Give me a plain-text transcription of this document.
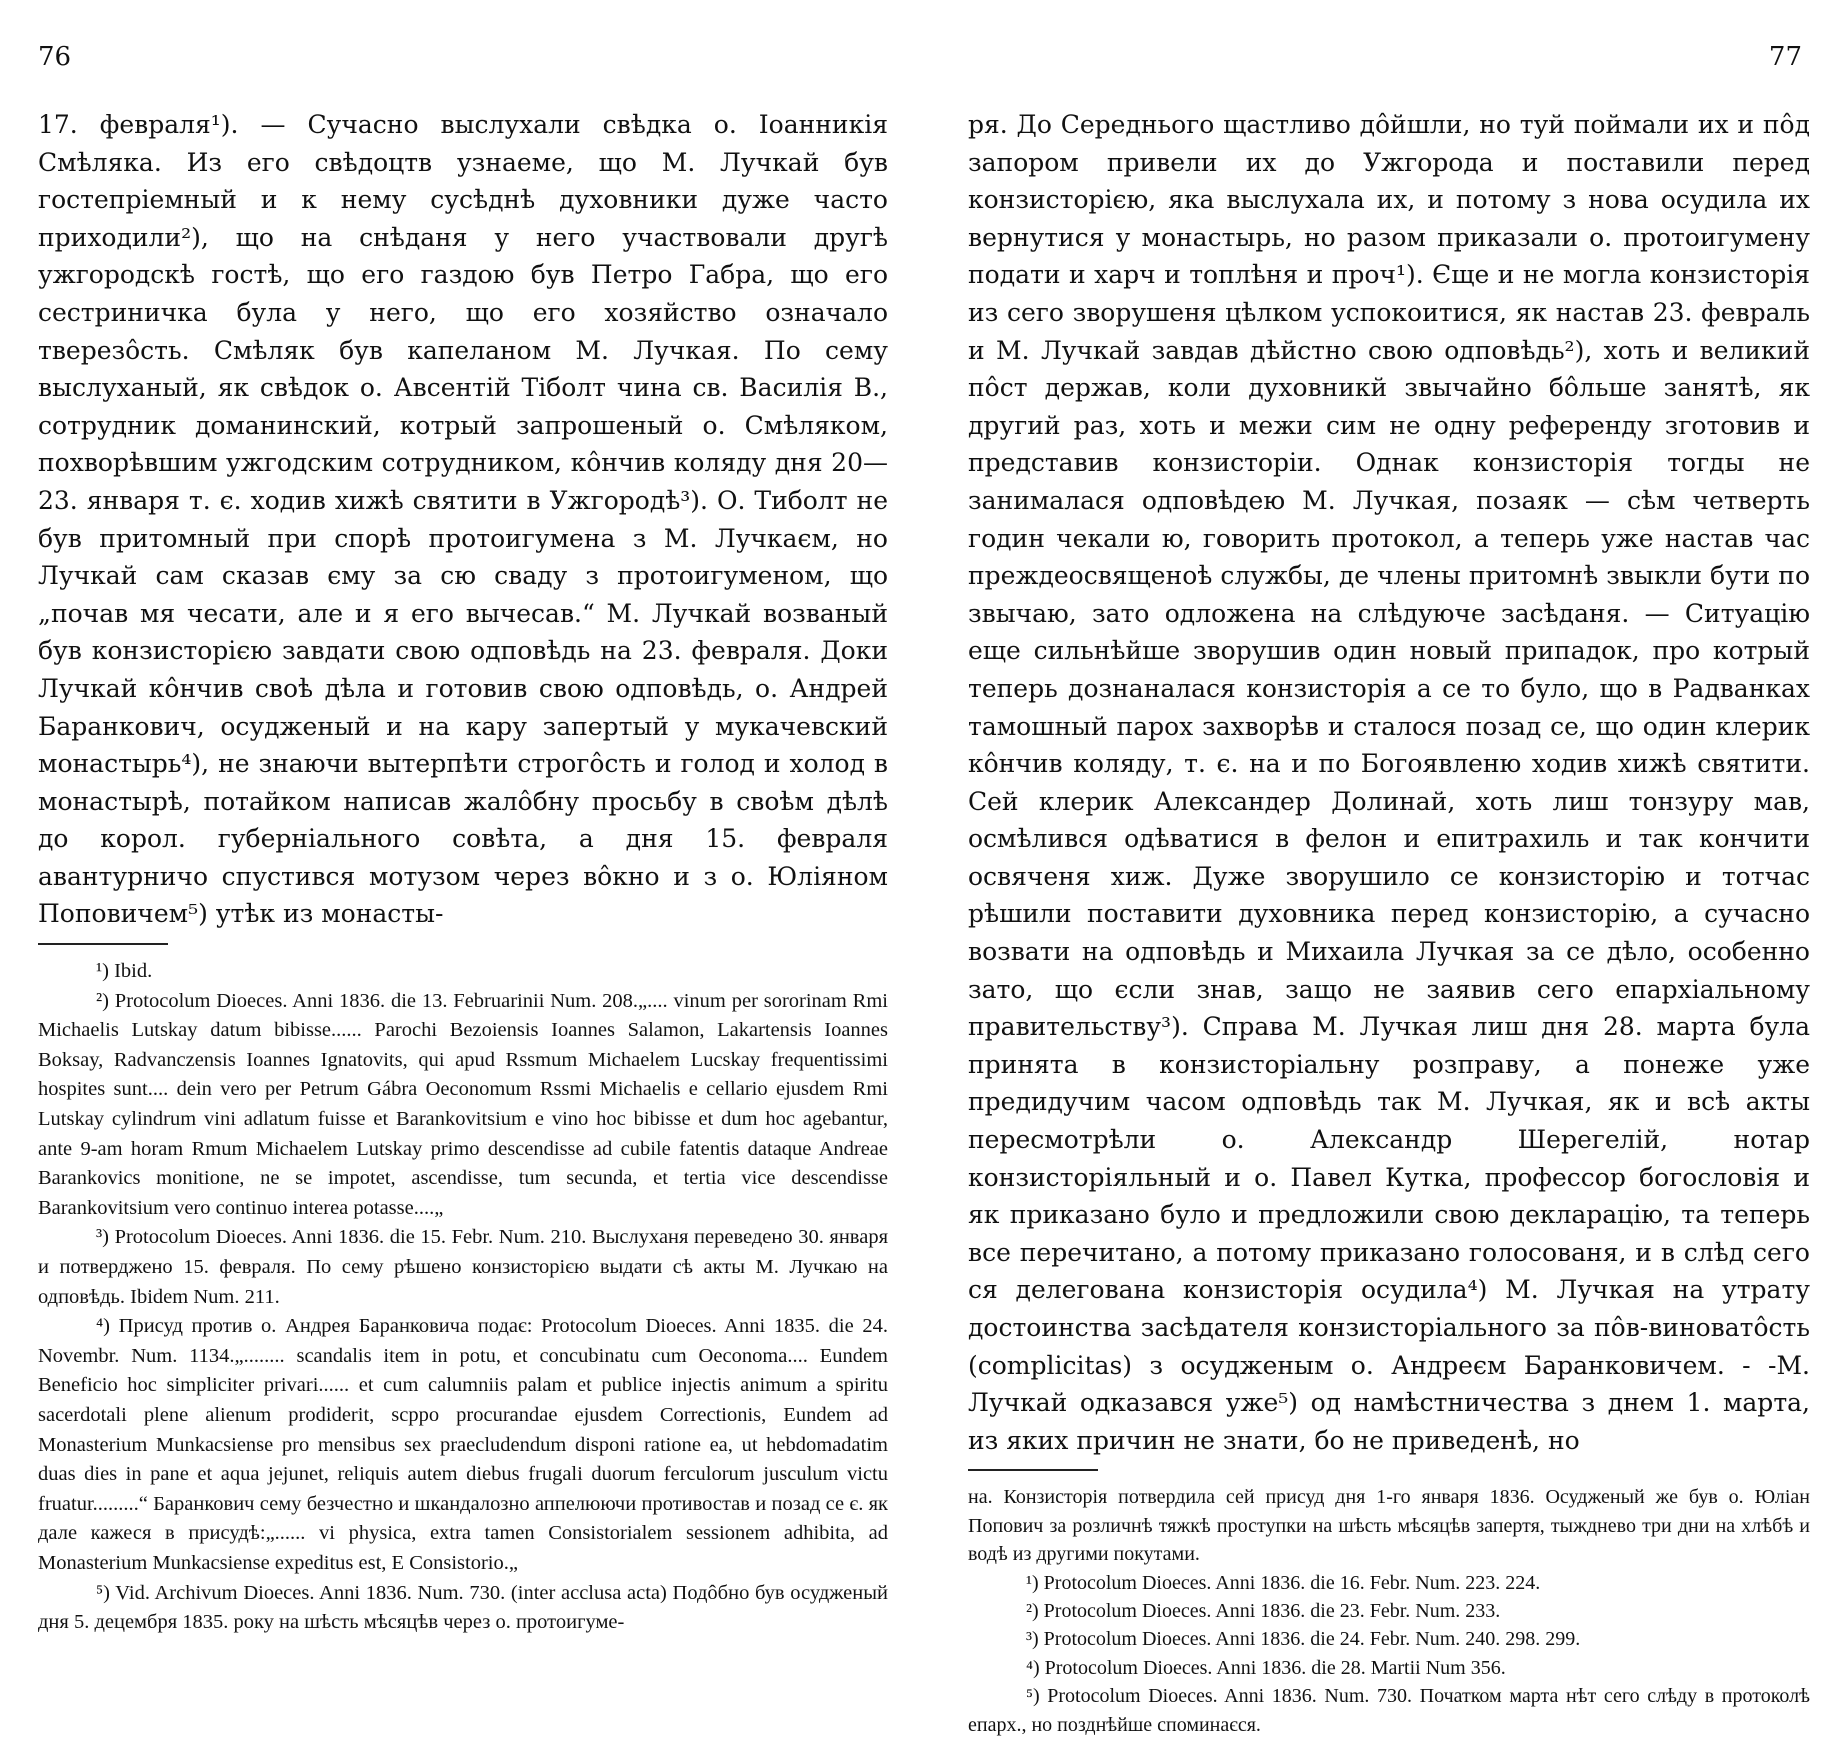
76	77

17. февраля¹). — Сучасно выслухали свѣдка о. Іоанникія Смѣляка. Из его свѣдоцтв узнаеме, що М. Лучкай був гостепріемный и к нему сусѣднѣ духовники дуже часто приходили²), що на снѣданя у него участвовали другѣ ужгородскѣ гостѣ, що его газдою був Петро Габра, що его сестриничка була у него, що его хозяйство означало тверезôсть. Смѣляк був капеланом М. Лучкая. По сему выслуханый, як свѣдок о. Авсентій Тіболт чина св. Василія В., сотрудник доманинский, котрый запрошеный о. Смѣляком, похворѣвшим ужгодским сотрудником, кôнчив коляду дня 20—23. января т. є. ходив хижѣ святити в Ужгородѣ³). О. Тиболт не був притомный при спорѣ протоигумена з М. Лучкаєм, но Лучкай сам сказав єму за сю сваду з протоигуменом, що „почав мя чесати, але и я его вычесав.“ М. Лучкай возваный був конзисторією завдати свою одповѣдь на 23. февраля. Доки Лучкай кôнчив своѣ дѣла и готовив свою одповѣдь, о. Андрей Баранкович, осудженый и на кару запертый у мукачевский монастырь⁴), не знаючи вытерпѣти строгôсть и голод и холод в монастырѣ, потайком написав жалôбну просьбу в своѣм дѣлѣ до корол. губерніального совѣта, а дня 15. февраля авантурничо спустився мотузом через вôкно и з о. Юліяном Поповичем⁵) утѣк из монасты-

¹) Ibid.

²) Protocolum Dioeces. Anni 1836. die 13. Februarinii Num. 208.„.... vinum per sororinam Rmi Michaelis Lutskay datum bibisse...... Parochi Bezoiensis Ioannes Salamon, Lakartensis Ioannes Boksay, Radvanczensis Ioannes Ignatovits, qui apud Rssmum Michaelem Lucskay frequentissimi hospites sunt.... dein vero per Petrum Gábra Oeconomum Rssmi Michaelis e cellario ejusdem Rmi Lutskay cylindrum vini adlatum fuisse et Barankovitsium e vino hoc bibisse et dum hoc agebantur, ante 9-am horam Rmum Michaelem Lutskay primo descendisse ad cubile fatentis dataque Andreae Barankovics monitione, ne se impotet, ascendisse, tum secunda, et tertia vice descendisse Barankovitsium vero continuo interea potasse....„

³) Protocolum Dioeces. Anni 1836. die 15. Febr. Num. 210. Выслуханя переведено 30. января и потверджено 15. февраля. По сему рѣшено конзисторією выдати сѣ акты М. Лучкаю на одповѣдь. Ibidem Num. 211.

⁴) Присуд против о. Андрея Баранковича подає: Protocolum Dioeces. Anni 1835. die 24. Novembr. Num. 1134.„........ scandalis item in potu, et concubinatu cum Oeconoma.... Eundem Beneficio hoc simpliciter privari...... et cum calumniis palam et publice injectis animum a spiritu sacerdotali plene alienum prodiderit, scppo procurandae ejusdem Correctionis, Eundem ad Monasterium Munkacsiense pro mensibus sex praecludendum disponi ratione ea, ut hebdomadatim duas dies in pane et aqua jejunet, reliquis autem diebus frugali duorum ferculorum jusculum victu fruatur.........“ Баранкович сему безчестно и шкандалозно аппелюючи противостав и позад се є. як дале кажеся в присудѣ:„...... vi physica, extra tamen Consistorialem sessionem adhibita, ad Monasterium Munkacsiense expeditus est, E Consistorio.„

⁵) Vid. Archivum Dioeces. Anni 1836. Num. 730. (inter acclusa acta) Подôбно був осудженый дня 5. децембря 1835. року на шѣсть мѣсяцѣв через о. протоигуме-

ря. До Середнього щастливо дôйшли, но туй поймали их и пôд запором привели их до Ужгорода и поставили перед конзисторією, яка выслухала их, и потому з нова осудила их вернутися у монастырь, но разом приказали о. протоигумену подати и харч и топлѣня и проч¹). Єще и не могла конзисторія из сего зворушеня цѣлком успокоитися, як настав 23. февраль и М. Лучкай завдав дѣйстно свою одповѣдь²), хоть и великий пôст держав, коли духовникй звычайно бôльше занятѣ, як другий раз, хоть и межи сим не одну референду зготовив и представив конзисторіи. Однак конзисторія тогды не занималася одповѣдею М. Лучкая, позаяк — сѣм четверть годин чекали ю, говорить протокол, а теперь уже настав час преждеосвященоѣ службы, де члены притомнѣ звыкли бути по звычаю, зато одложена на слѣдуюче засѣданя. — Ситуацію еще сильнѣйше зворушив один новый припадок, про котрый теперь дознаналася конзисторія а се то було, що в Радванках тамошный парох захворѣв и сталося позад се, що один клерик кôнчив коляду, т. є. на и по Богоявленю ходив хижѣ святити. Сей клерик Александер Долинай, хоть лиш тонзуру мав, осмѣлився одѣватися в фелон и епитрахиль и так кончити освяченя хиж. Дуже зворушило се конзисторію и тотчас рѣшили поставити духовника перед конзисторію, а сучасно возвати на одповѣдь и Михаила Лучкая за се дѣло, особенно зато, що єсли знав, защо не заявив сего епархіальному правительству³). Справа М. Лучкая лиш дня 28. марта була принята в конзисторіальну розправу, а понеже уже предидучим часом одповѣдь так М. Лучкая, як и всѣ акты пересмотрѣли о. Александр Шерегелій, нотар конзисторіяльный и о. Павел Кутка, профессор богословія и як приказано було и предложили свою декларацію, та теперь все перечитано, а потому приказано голосованя, и в слѣд сего ся делегована конзисторія осудила⁴) М. Лучкая на утрату достоинства засѣдателя конзисторіального за пôв-виноватôсть (complicitas) з осудженым о. Андреєм Баранковичем. - -М. Лучкай одказався уже⁵) од намѣстничества з днем 1. марта, из яких причин не знати, бо не приведенѣ, но

на. Конзисторія потвердила сей присуд дня 1-го января 1836. Осудженый же був о. Юліан Попович за розличнѣ тяжкѣ проступки на шѣсть мѣсяцѣв запертя, тыжднево три дни на хлѣбѣ и водѣ из другими покутами.

¹) Protocolum Dioeces. Anni 1836. die 16. Febr. Num. 223. 224.

²) Protocolum Dioeces. Anni 1836. die 23. Febr. Num. 233.

³) Protocolum Dioeces. Anni 1836. die 24. Febr. Num. 240. 298. 299.

⁴) Protocolum Dioeces. Anni 1836. die 28. Martii Num 356.

⁵) Protocolum Dioeces. Anni 1836. Num. 730. Початком марта нѣт сего слѣду в протоколѣ епарх., но позднѣйше споминаєся.
